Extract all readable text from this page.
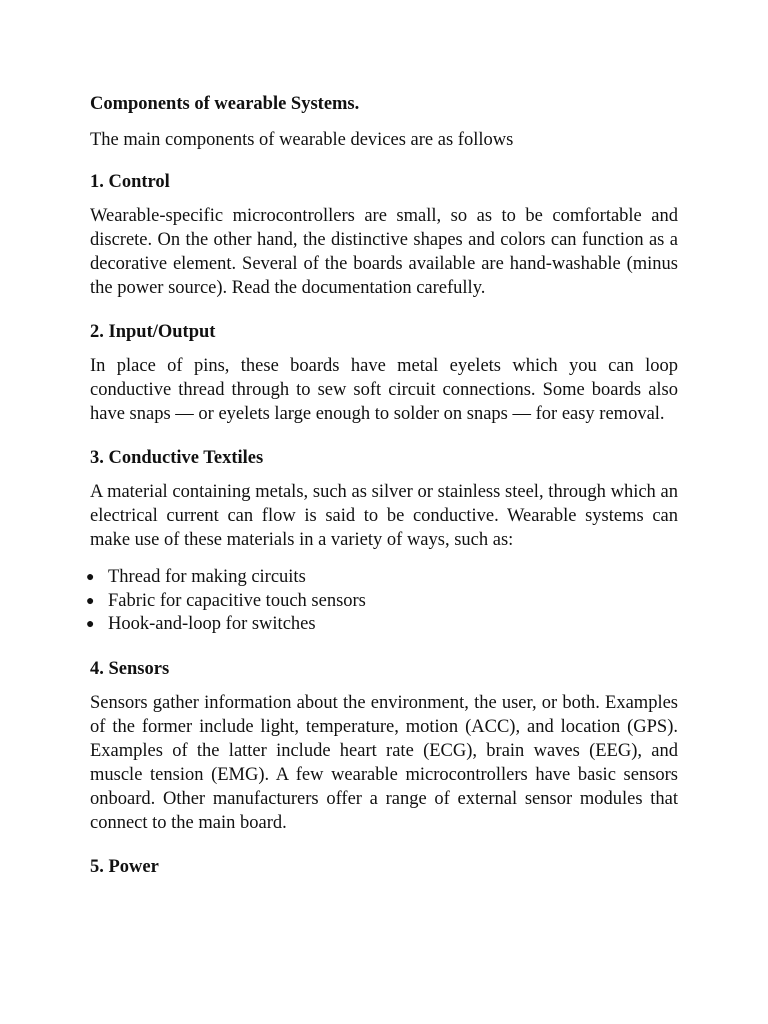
Components of wearable Systems.
The main components of wearable devices are as follows
1. Control

Wearable-specific microcontrollers are small, so as to be comfortable and discrete. On the other hand, the distinctive shapes and colors can function as a decorative element. Several of the boards available are hand-washable (minus the power source). Read the documentation carefully.

2. Input/Output

In place of pins, these boards have metal eyelets which you can loop conductive thread through to sew soft circuit connections. Some boards also have snaps — or eyelets large enough to solder on snaps — for easy removal.

3. Conductive Textiles

A material containing metals, such as silver or stainless steel, through which an electrical current can flow is said to be conductive. Wearable systems can make use of these materials in a variety of ways, such as:

● Thread for making circuits
● Fabric for capacitive touch sensors
● Hook-and-loop for switches
4. Sensors

Sensors gather information about the environment, the user, or both. Examples of the former include light, temperature, motion (ACC), and location (GPS). Examples of the latter include heart rate (ECG), brain waves (EEG), and muscle tension (EMG). A few wearable microcontrollers have basic sensors onboard. Other manufacturers offer a range of external sensor modules that connect to the main board.

5. Power
